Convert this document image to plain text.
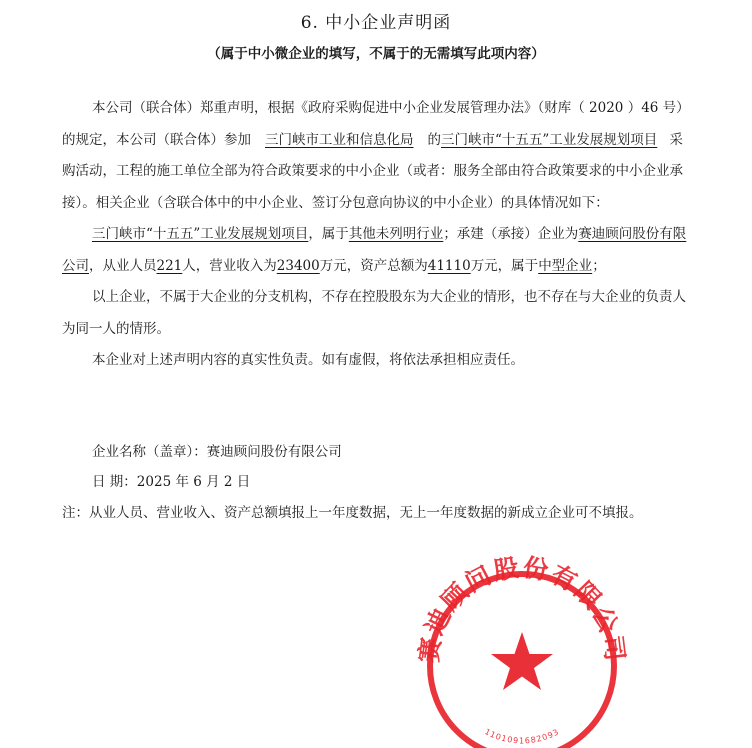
6. 中小企业声明函
（属于中小微企业的填写，不属于的无需填写此项内容）

本公司（联合体）郑重声明，根据《政府采购促进中小企业发展管理办法》（财库（ 2020 ）46 号）的规定，本公司（联合体）参加 三门峡市工业和信息化局 的三门峡市“十五五”工业发展规划项目 采购活动，工程的施工单位全部为符合政策要求的中小企业（或者：服务全部由符合政策要求的中小企业承接）。相关企业（含联合体中的中小企业、签订分包意向协议的中小企业）的具体情况如下：

三门峡市“十五五”工业发展规划项目，属于其他未列明行业；承建（承接）企业为赛迪顾问股份有限公司，从业人员221人，营业收入为23400万元，资产总额为41110万元，属于中型企业；

以上企业，不属于大企业的分支机构，不存在控股股东为大企业的情形，也不存在与大企业的负责人为同一人的情形。

本企业对上述声明内容的真实性负责。如有虚假，将依法承担相应责任。

企业名称（盖章）：赛迪顾问股份有限公司
日 期：2025 年 6 月 2 日
注：从业人员、营业收入、资产总额填报上一年度数据，无上一年度数据的新成立企业可不填报。
赛迪顾问股份有限公司
1101091682093
